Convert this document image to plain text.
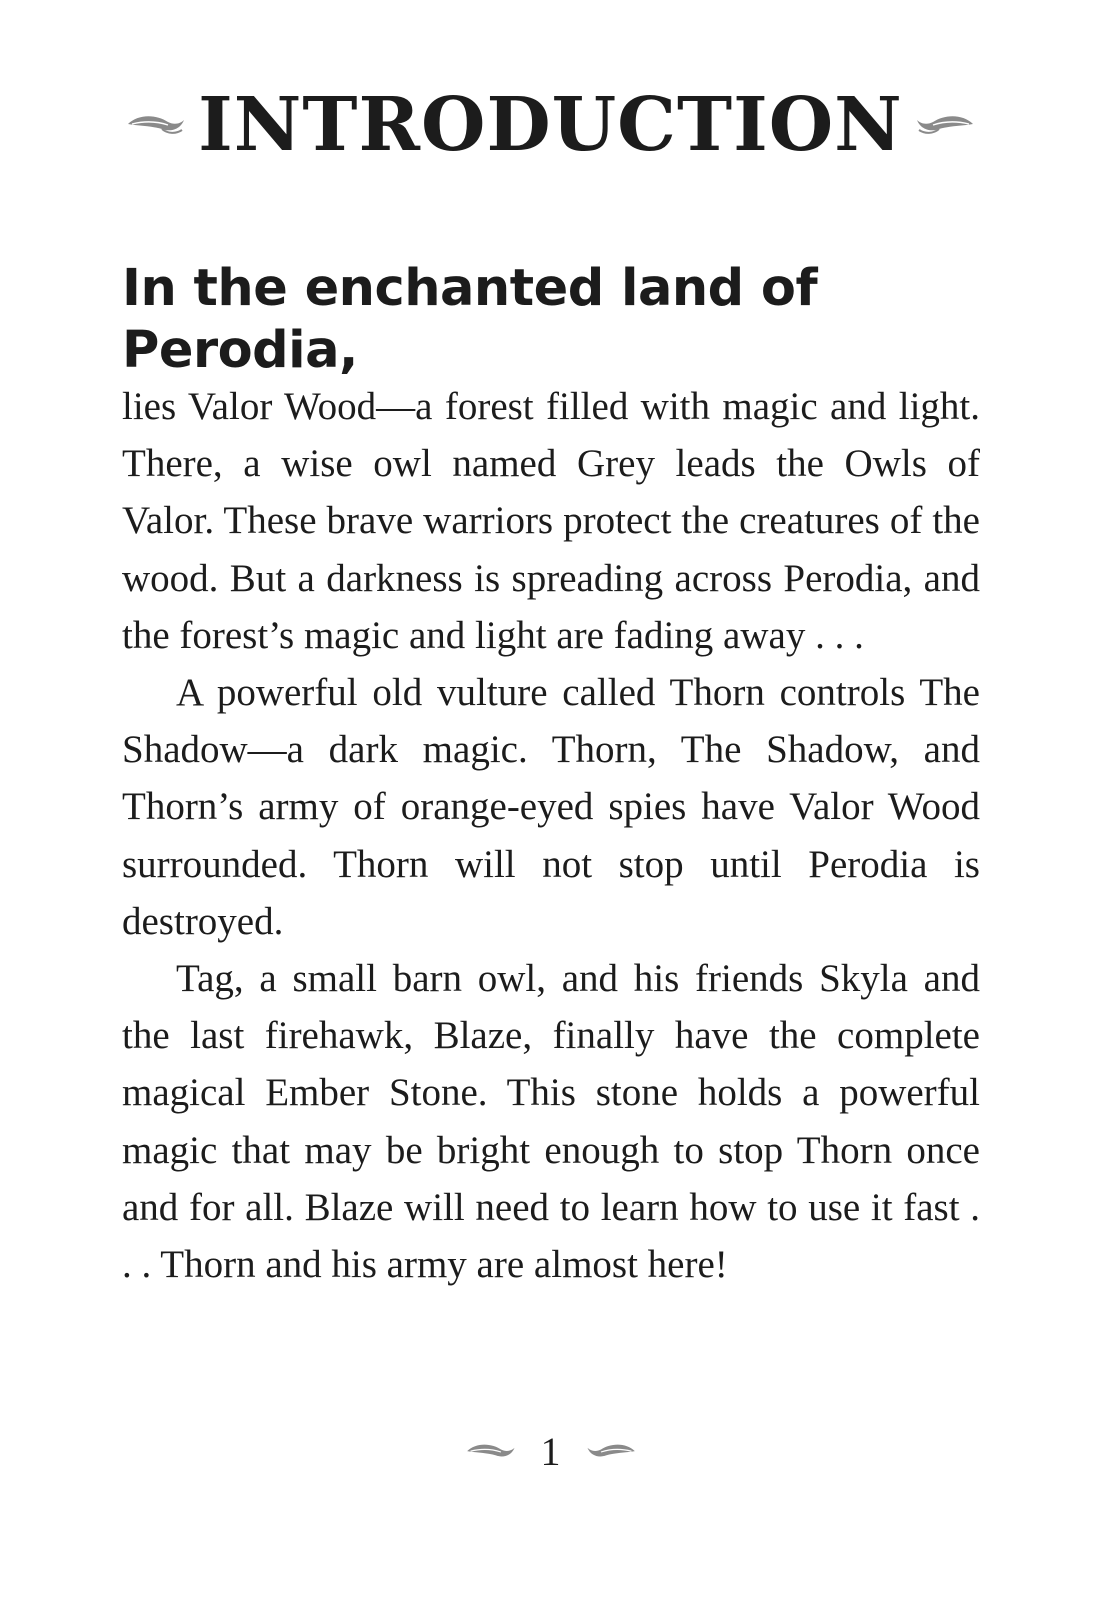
INTRODUCTION

In the enchanted land of Perodia,

lies Valor Wood—a forest filled with magic and light. There, a wise owl named Grey leads the Owls of Valor. These brave warriors protect the creatures of the wood. But a darkness is spreading across Perodia, and the forest’s magic and light are fading away . . .

A powerful old vulture called Thorn controls The Shadow—a dark magic. Thorn, The Shadow, and Thorn’s army of orange-eyed spies have Valor Wood surrounded. Thorn will not stop until Perodia is destroyed.

Tag, a small barn owl, and his friends Skyla and the last firehawk, Blaze, finally have the complete magical Ember Stone. This stone holds a powerful magic that may be bright enough to stop Thorn once and for all. Blaze will need to learn how to use it fast . . . Thorn and his army are almost here!

1
